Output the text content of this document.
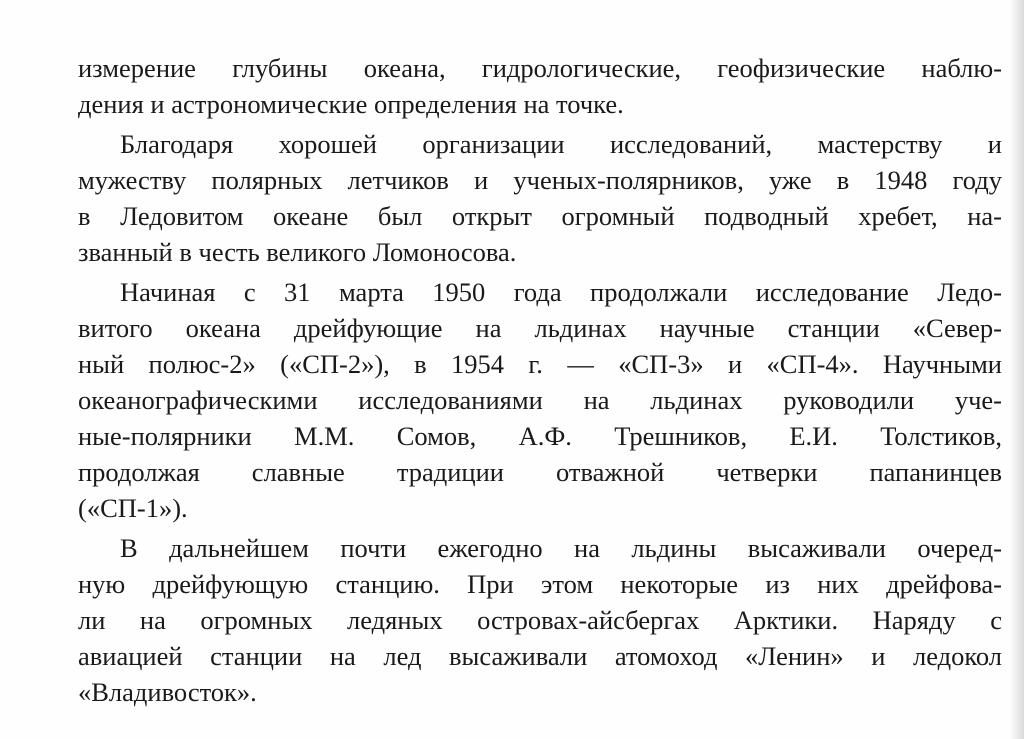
измерение глубины океана, гидрологические, геофизические наблю-
дения и астрономические определения на точке.
Благодаря хорошей организации исследований, мастерству и
мужеству полярных летчиков и ученых-полярников, уже в 1948 году
в Ледовитом океане был открыт огромный подводный хребет, на-
званный в честь великого Ломоносова.
Начиная с 31 марта 1950 года продолжали исследование Ледо-
витого океана дрейфующие на льдинах научные станции «Север-
ный полюс-2» («СП-2»), в 1954 г. — «СП-3» и «СП-4». Научными
океанографическими исследованиями на льдинах руководили уче-
ные-полярники М.М. Сомов, А.Ф. Трешников, Е.И. Толстиков,
продолжая славные традиции отважной четверки папанинцев
(«СП-1»).
В дальнейшем почти ежегодно на льдины высаживали очеред-
ную дрейфующую станцию. При этом некоторые из них дрейфова-
ли на огромных ледяных островах-айсбергах Арктики. Наряду с
авиацией станции на лед высаживали атомоход «Ленин» и ледокол
«Владивосток».
